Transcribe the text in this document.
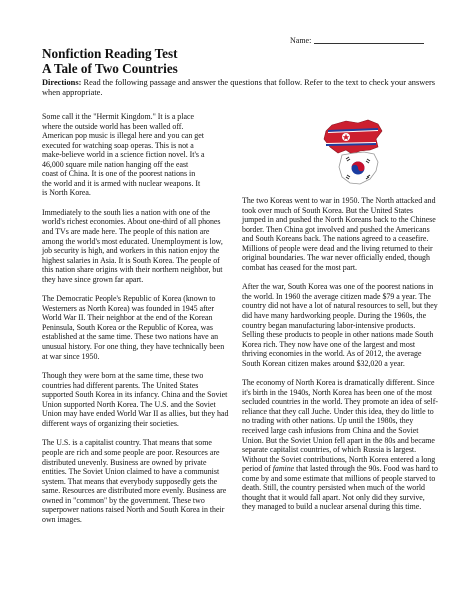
Name:
Nonfiction Reading Test
A Tale of Two Countries
Directions: Read the following passage and answer the questions that follow. Refer to the text to check your answers when appropriate.

Some call it the "Hermit Kingdom." It is a place where the outside world has been walled off. American pop music is illegal here and you can get executed for watching soap operas. This is not a make-believe world in a science fiction novel. It's a 46,000 square mile nation hanging off the east coast of China. It is one of the poorest nations in the world and it is armed with nuclear weapons. It is North Korea.

Immediately to the south lies a nation with one of the world's richest economies. About one-third of all phones and TVs are made here. The people of this nation are among the world's most educated. Unemployment is low, job security is high, and workers in this nation enjoy the highest salaries in Asia. It is South Korea. The people of this nation share origins with their northern neighbor, but they have since grown far apart.

The Democratic People's Republic of Korea (known to Westerners as North Korea) was founded in 1945 after World War II. Their neighbor at the end of the Korean Peninsula, South Korea or the Republic of Korea, was established at the same time. These two nations have an unusual history. For one thing, they have technically been at war since 1950.

Though they were born at the same time, these two countries had different parents. The United States supported South Korea in its infancy. China and the Soviet Union supported North Korea. The U.S. and the Soviet Union may have ended World War II as allies, but they had different ways of organizing their societies.

The U.S. is a capitalist country. That means that some people are rich and some people are poor. Resources are distributed unevenly. Business are owned by private entities. The Soviet Union claimed to have a communist system. That means that everybody supposedly gets the same. Resources are distributed more evenly. Business are owned in "common" by the government. These two superpower nations raised North and South Korea in their own images.

The two Koreas went to war in 1950. The North attacked and took over much of South Korea. But the United States jumped in and pushed the North Koreans back to the Chinese border. Then China got involved and pushed the Americans and South Koreans back. The nations agreed to a ceasefire. Millions of people were dead and the living returned to their original boundaries. The war never officially ended, though combat has ceased for the most part.

After the war, South Korea was one of the poorest nations in the world. In 1960 the average citizen made $79 a year. The country did not have a lot of natural resources to sell, but they did have many hardworking people. During the 1960s, the country began manufacturing labor-intensive products. Selling these products to people in other nations made South Korea rich. They now have one of the largest and most thriving economies in the world. As of 2012, the average South Korean citizen makes around $32,020 a year.

The economy of North Korea is dramatically different. Since it's birth in the 1940s, North Korea has been one of the most secluded countries in the world. They promote an idea of self-reliance that they call Juche. Under this idea, they do little to no trading with other nations. Up until the 1980s, they received large cash infusions from China and the Soviet Union. But the Soviet Union fell apart in the 80s and became separate capitalist countries, of which Russia is largest. Without the Soviet contributions, North Korea entered a long period of famine that lasted through the 90s. Food was hard to come by and some estimate that millions of people starved to death. Still, the country persisted when much of the world thought that it would fall apart. Not only did they survive, they managed to build a nuclear arsenal during this time.
